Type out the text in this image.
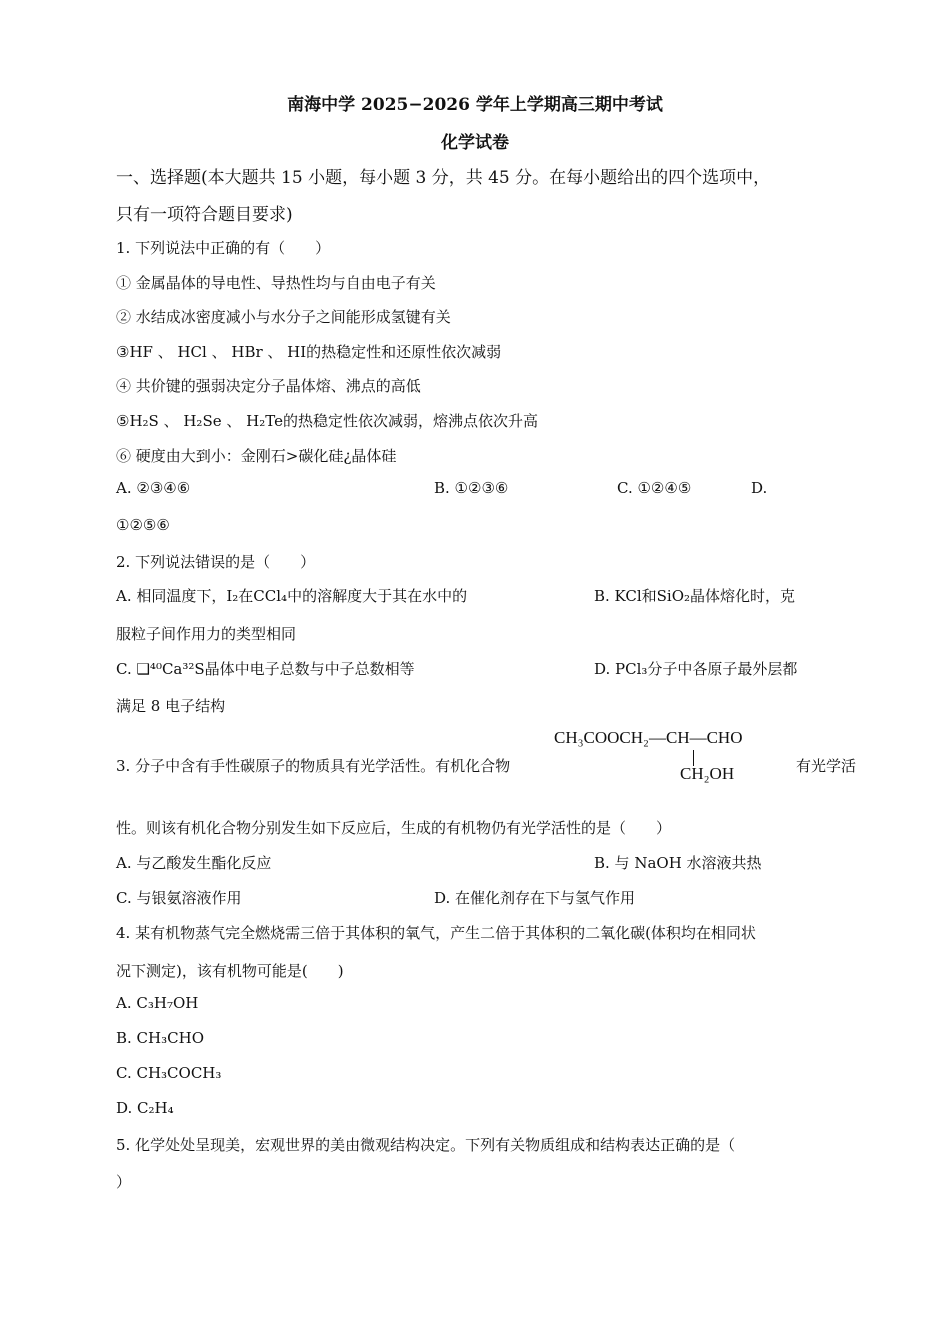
南海中学 2025−2026 学年上学期高三期中考试
化学试卷
一、选择题(本大题共 15 小题，每小题 3 分，共 45 分。在每小题给出的四个选项中，
只有一项符合题目要求)
1. 下列说法中正确的有（　　）
① 金属晶体的导电性、导热性均与自由电子有关
② 水结成冰密度减小与水分子之间能形成氢键有关
③HF 、 HCl 、 HBr 、 HI的热稳定性和还原性依次减弱
④ 共价键的强弱决定分子晶体熔、沸点的高低
⑤H₂S 、 H₂Se 、 H₂Te的热稳定性依次减弱，熔沸点依次升高
⑥ 硬度由大到小：金刚石>碳化硅¿晶体硅
A. ②③④⑥	B. ①②③⑥	C. ①②④⑤	D.
①②⑤⑥
2. 下列说法错误的是（　　）
A. 相同温度下，I₂在CCl₄中的溶解度大于其在水中的	B. KCl和SiO₂晶体熔化时，克
服粒子间作用力的类型相同
C. ❑⁴⁰Ca³²S晶体中电子总数与中子总数相等	D. PCl₃分子中各原子最外层都
满足 8 电子结构
3. 分子中含有手性碳原子的物质具有光学活性。有机化合物
CH₃COOCH₂—CH—CHO
CH₂OH	有光学活
性。则该有机化合物分别发生如下反应后，生成的有机物仍有光学活性的是（　　）
A. 与乙酸发生酯化反应	B. 与 NaOH 水溶液共热
C. 与银氨溶液作用	D. 在催化剂存在下与氢气作用
4. 某有机物蒸气完全燃烧需三倍于其体积的氧气，产生二倍于其体积的二氧化碳(体积均在相同状
况下测定)，该有机物可能是(　　)
A. C₃H₇OH
B. CH₃CHO
C. CH₃COCH₃
D. C₂H₄
5. 化学处处呈现美，宏观世界的美由微观结构决定。下列有关物质组成和结构表达正确的是（
）
